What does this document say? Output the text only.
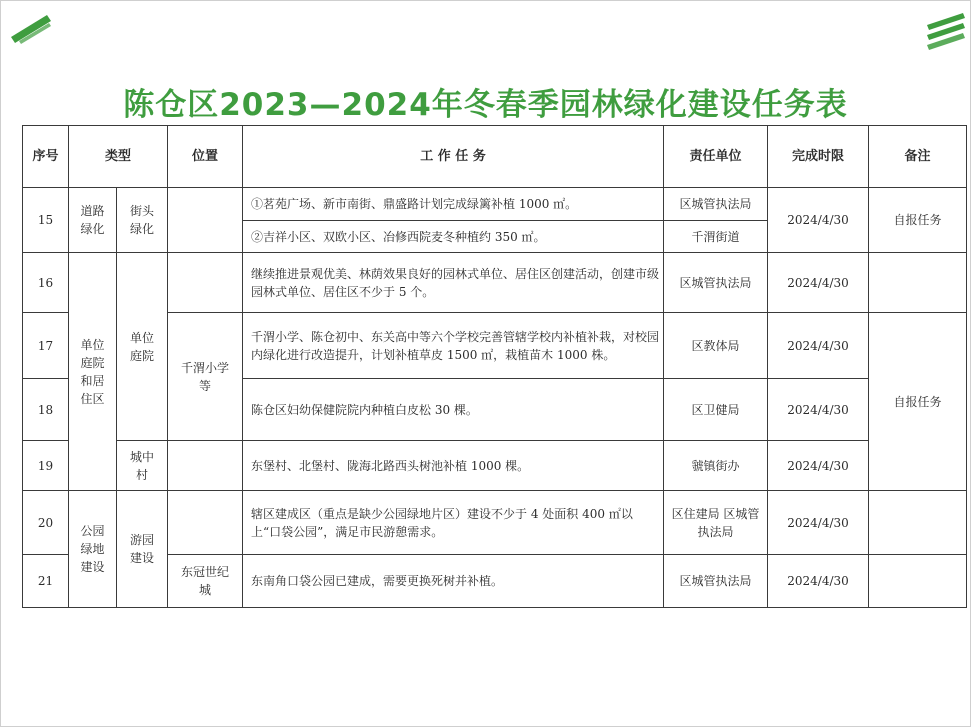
陈仓区2023—2024年冬春季园林绿化建设任务表
序号	类型		位置	工 作 任 务	责任单位	完成时限	备注
15	道路绿化	街头绿化		①茗苑广场、新市南街、鼎盛路计划完成绿篱补植 1000 ㎡。	区城管执法局	2024/4/30	自报任务
				②吉祥小区、双欧小区、冶修西院麦冬种植约 350 ㎡。	千渭街道		
16	单位庭院和居住区	单位庭院		继续推进景观优美、林荫效果良好的园林式单位、居住区创建活动，创建市级园林式单位、居住区不少于 5 个。	区城管执法局	2024/4/30	
17			千渭小学等	千渭小学、陈仓初中、东关高中等六个学校完善管辖学校内补植补栽，对校园内绿化进行改造提升，计划补植草皮 1500 ㎡，栽植苗木 1000 株。	区教体局	2024/4/30	自报任务
18				陈仓区妇幼保健院院内种植白皮松 30 棵。	区卫健局	2024/4/30	
19		城中村		东堡村、北堡村、陇海北路西头树池补植 1000 棵。	虢镇街办	2024/4/30	
20	公园绿地建设	游园建设		辖区建成区（重点是缺少公园绿地片区）建设不少于 4 处面积 400 ㎡以上“口袋公园”，满足市民游憩需求。	区住建局 区城管执法局	2024/4/30	
21			东冠世纪城	东南角口袋公园已建成，需要更换死树并补植。	区城管执法局	2024/4/30	
